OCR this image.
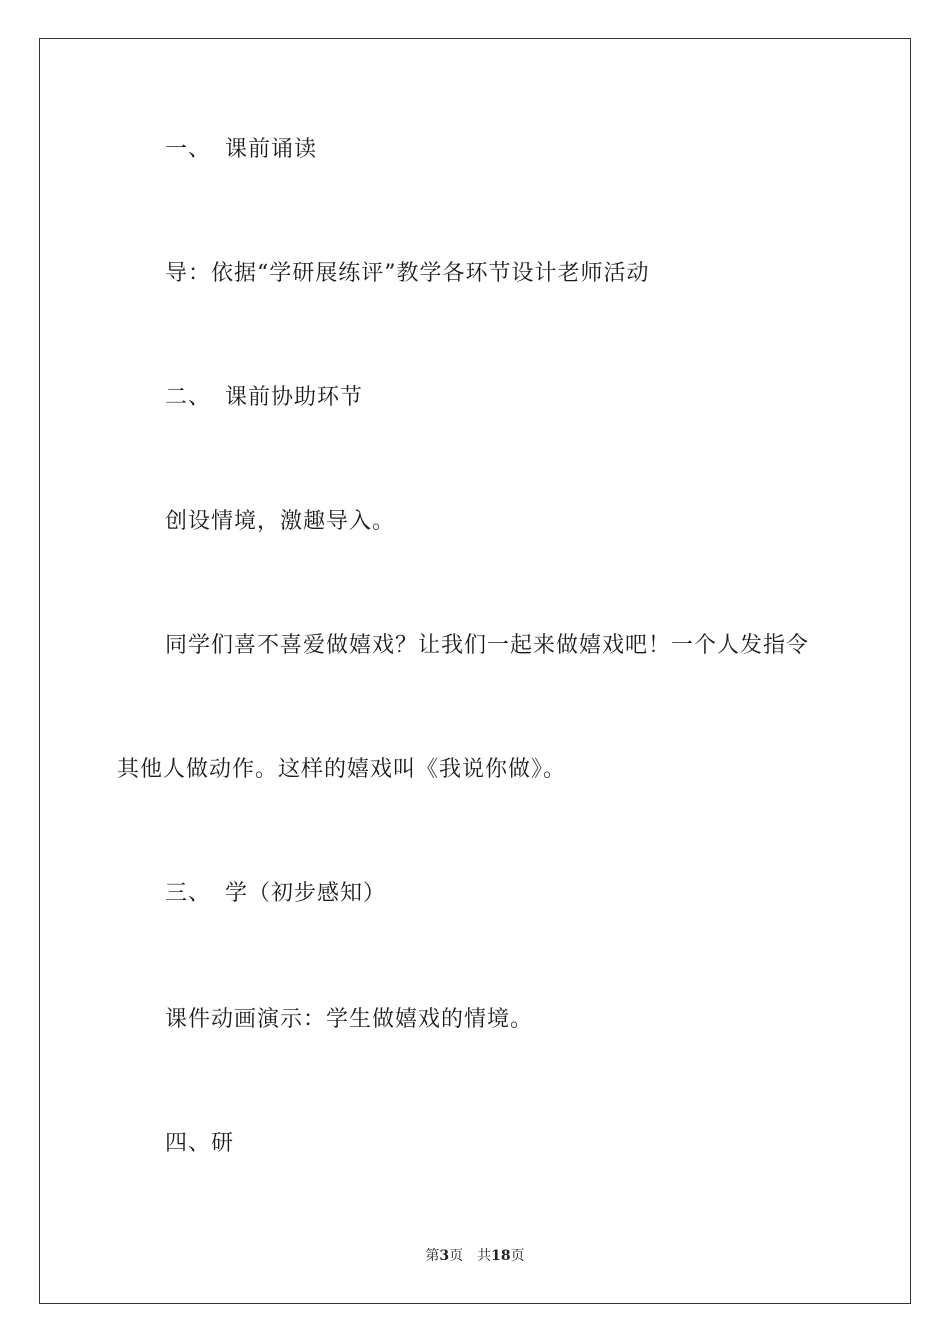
一、 课前诵读
导：依据“学研展练评”教学各环节设计老师活动
二、 课前协助环节
创设情境，激趣导入。
同学们喜不喜爱做嬉戏？让我们一起来做嬉戏吧！一个人发指令
其他人做动作。这样的嬉戏叫《我说你做》。
三、 学（初步感知）
课件动画演示：学生做嬉戏的情境。
四、研
第3页 共18页
